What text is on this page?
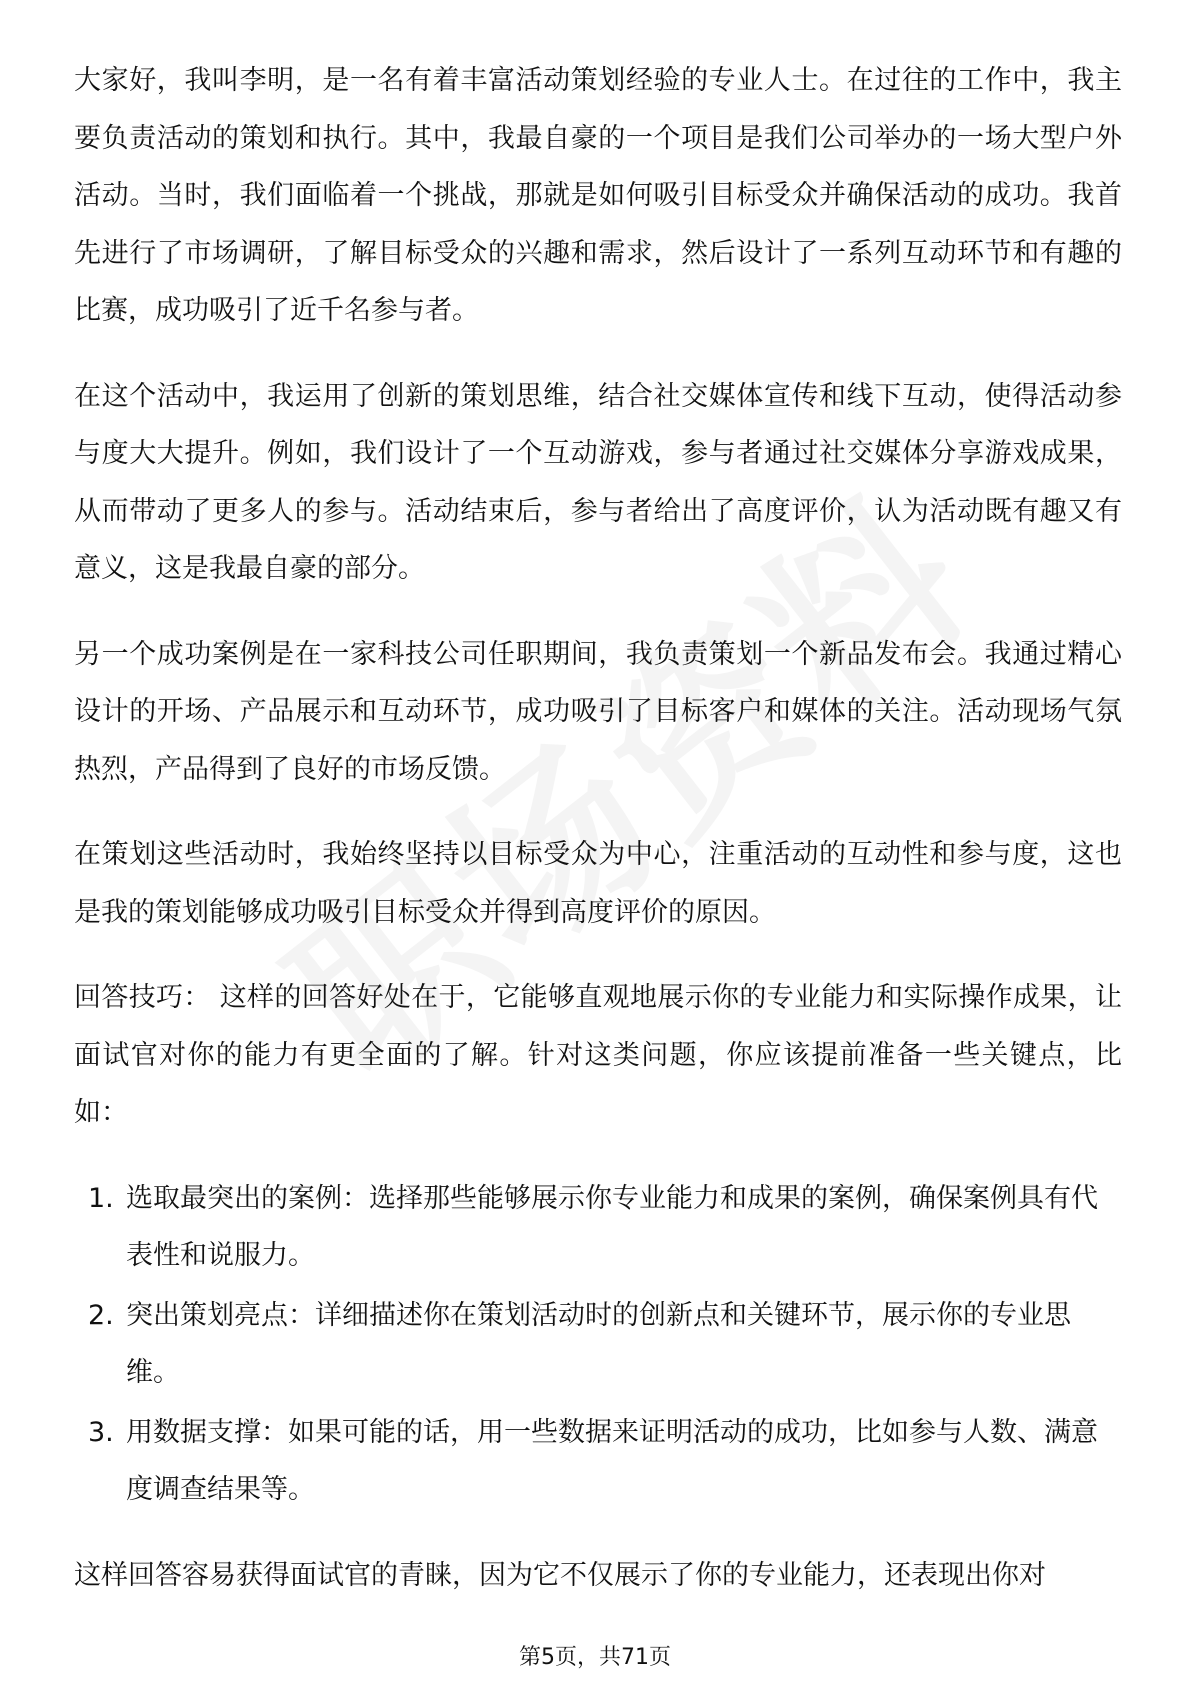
大家好，我叫李明，是一名有着丰富活动策划经验的专业人士。在过往的工作中，我主要负责活动的策划和执行。其中，我最自豪的一个项目是我们公司举办的一场大型户外活动。当时，我们面临着一个挑战，那就是如何吸引目标受众并确保活动的成功。我首先进行了市场调研，了解目标受众的兴趣和需求，然后设计了一系列互动环节和有趣的比赛，成功吸引了近千名参与者。

在这个活动中，我运用了创新的策划思维，结合社交媒体宣传和线下互动，使得活动参与度大大提升。例如，我们设计了一个互动游戏，参与者通过社交媒体分享游戏成果，从而带动了更多人的参与。活动结束后，参与者给出了高度评价，认为活动既有趣又有意义，这是我最自豪的部分。

另一个成功案例是在一家科技公司任职期间，我负责策划一个新品发布会。我通过精心设计的开场、产品展示和互动环节，成功吸引了目标客户和媒体的关注。活动现场气氛热烈，产品得到了良好的市场反馈。

在策划这些活动时，我始终坚持以目标受众为中心，注重活动的互动性和参与度，这也是我的策划能够成功吸引目标受众并得到高度评价的原因。

回答技巧： 这样的回答好处在于，它能够直观地展示你的专业能力和实际操作成果，让面试官对你的能力有更全面的了解。针对这类问题，你应该提前准备一些关键点，比如：

1. 选取最突出的案例：选择那些能够展示你专业能力和成果的案例，确保案例具有代表性和说服力。
2. 突出策划亮点：详细描述你在策划活动时的创新点和关键环节，展示你的专业思维。
3. 用数据支撑：如果可能的话，用一些数据来证明活动的成功，比如参与人数、满意度调查结果等。

这样回答容易获得面试官的青睐，因为它不仅展示了你的专业能力，还表现出你对

第5页，共71页
